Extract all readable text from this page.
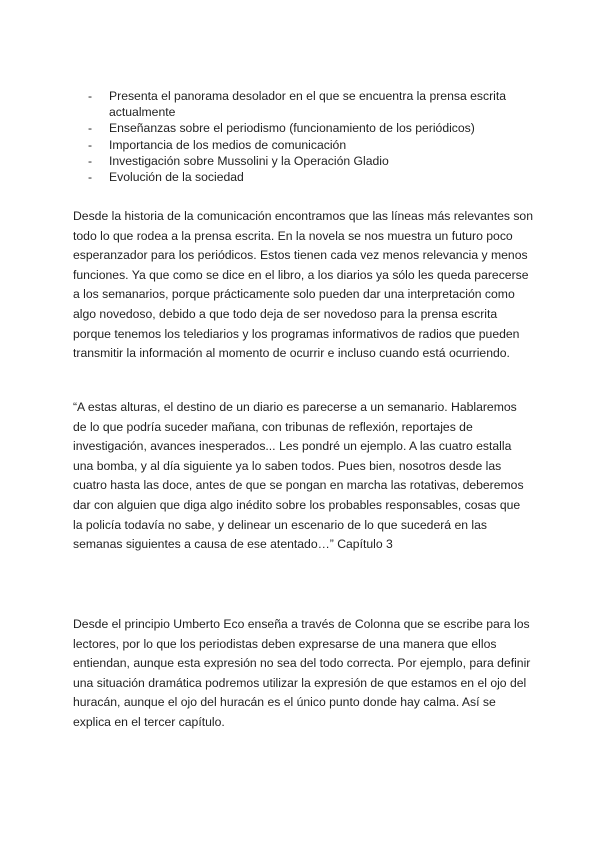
- Presenta el panorama desolador en el que se encuentra la prensa escrita actualmente
- Enseñanzas sobre el periodismo (funcionamiento de los periódicos)
- Importancia de los medios de comunicación
- Investigación sobre Mussolini y la Operación Gladio
- Evolución de la sociedad

Desde la historia de la comunicación encontramos que las líneas más relevantes son todo lo que rodea a la prensa escrita. En la novela se nos muestra un futuro poco esperanzador para los periódicos. Estos tienen cada vez menos relevancia y menos funciones. Ya que como se dice en el libro, a los diarios ya sólo les queda parecerse a los semanarios, porque prácticamente solo pueden dar una interpretación como algo novedoso, debido a que todo deja de ser novedoso para la prensa escrita porque tenemos los telediarios y los programas informativos de radios que pueden transmitir la información al momento de ocurrir e incluso cuando está ocurriendo.

“A estas alturas, el destino de un diario es parecerse a un semanario. Hablaremos de lo que podría suceder mañana, con tribunas de reflexión, reportajes de investigación, avances inesperados... Les pondré un ejemplo. A las cuatro estalla una bomba, y al día siguiente ya lo saben todos. Pues bien, nosotros desde las cuatro hasta las doce, antes de que se pongan en marcha las rotativas, deberemos dar con alguien que diga algo inédito sobre los probables responsables, cosas que la policía todavía no sabe, y delinear un escenario de lo que sucederá en las semanas siguientes a causa de ese atentado…” Capítulo 3

Desde el principio Umberto Eco enseña a través de Colonna que se escribe para los lectores, por lo que los periodistas deben expresarse de una manera que ellos entiendan, aunque esta expresión no sea del todo correcta. Por ejemplo, para definir una situación dramática podremos utilizar la expresión de que estamos en el ojo del huracán, aunque el ojo del huracán es el único punto donde hay calma. Así se explica en el tercer capítulo.
